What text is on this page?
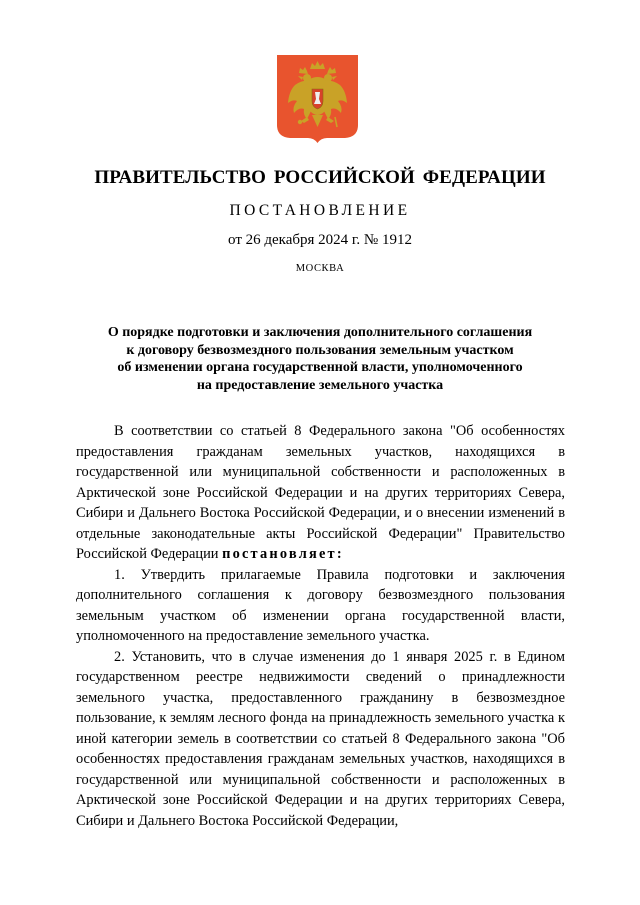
ПРАВИТЕЛЬСТВО РОССИЙСКОЙ ФЕДЕРАЦИИ
ПОСТАНОВЛЕНИЕ
от 26 декабря 2024 г. № 1912
МОСКВА
О порядке подготовки и заключения дополнительного соглашения
к договору безвозмездного пользования земельным участком
об изменении органа государственной власти, уполномоченного
на предоставление земельного участка

В соответствии со статьей 8 Федерального закона "Об особенностях предоставления гражданам земельных участков, находящихся в государственной или муниципальной собственности и расположенных в Арктической зоне Российской Федерации и на других территориях Севера, Сибири и Дальнего Востока Российской Федерации, и о внесении изменений в отдельные законодательные акты Российской Федерации" Правительство Российской Федерации постановляет:

1. Утвердить прилагаемые Правила подготовки и заключения дополнительного соглашения к договору безвозмездного пользования земельным участком об изменении органа государственной власти, уполномоченного на предоставление земельного участка.

2. Установить, что в случае изменения до 1 января 2025 г. в Едином государственном реестре недвижимости сведений о принадлежности земельного участка, предоставленного гражданину в безвозмездное пользование, к землям лесного фонда на принадлежность земельного участка к иной категории земель в соответствии со статьей 8 Федерального закона "Об особенностях предоставления гражданам земельных участков, находящихся в государственной или муниципальной собственности и расположенных в Арктической зоне Российской Федерации и на других территориях Севера, Сибири и Дальнего Востока Российской Федерации,
